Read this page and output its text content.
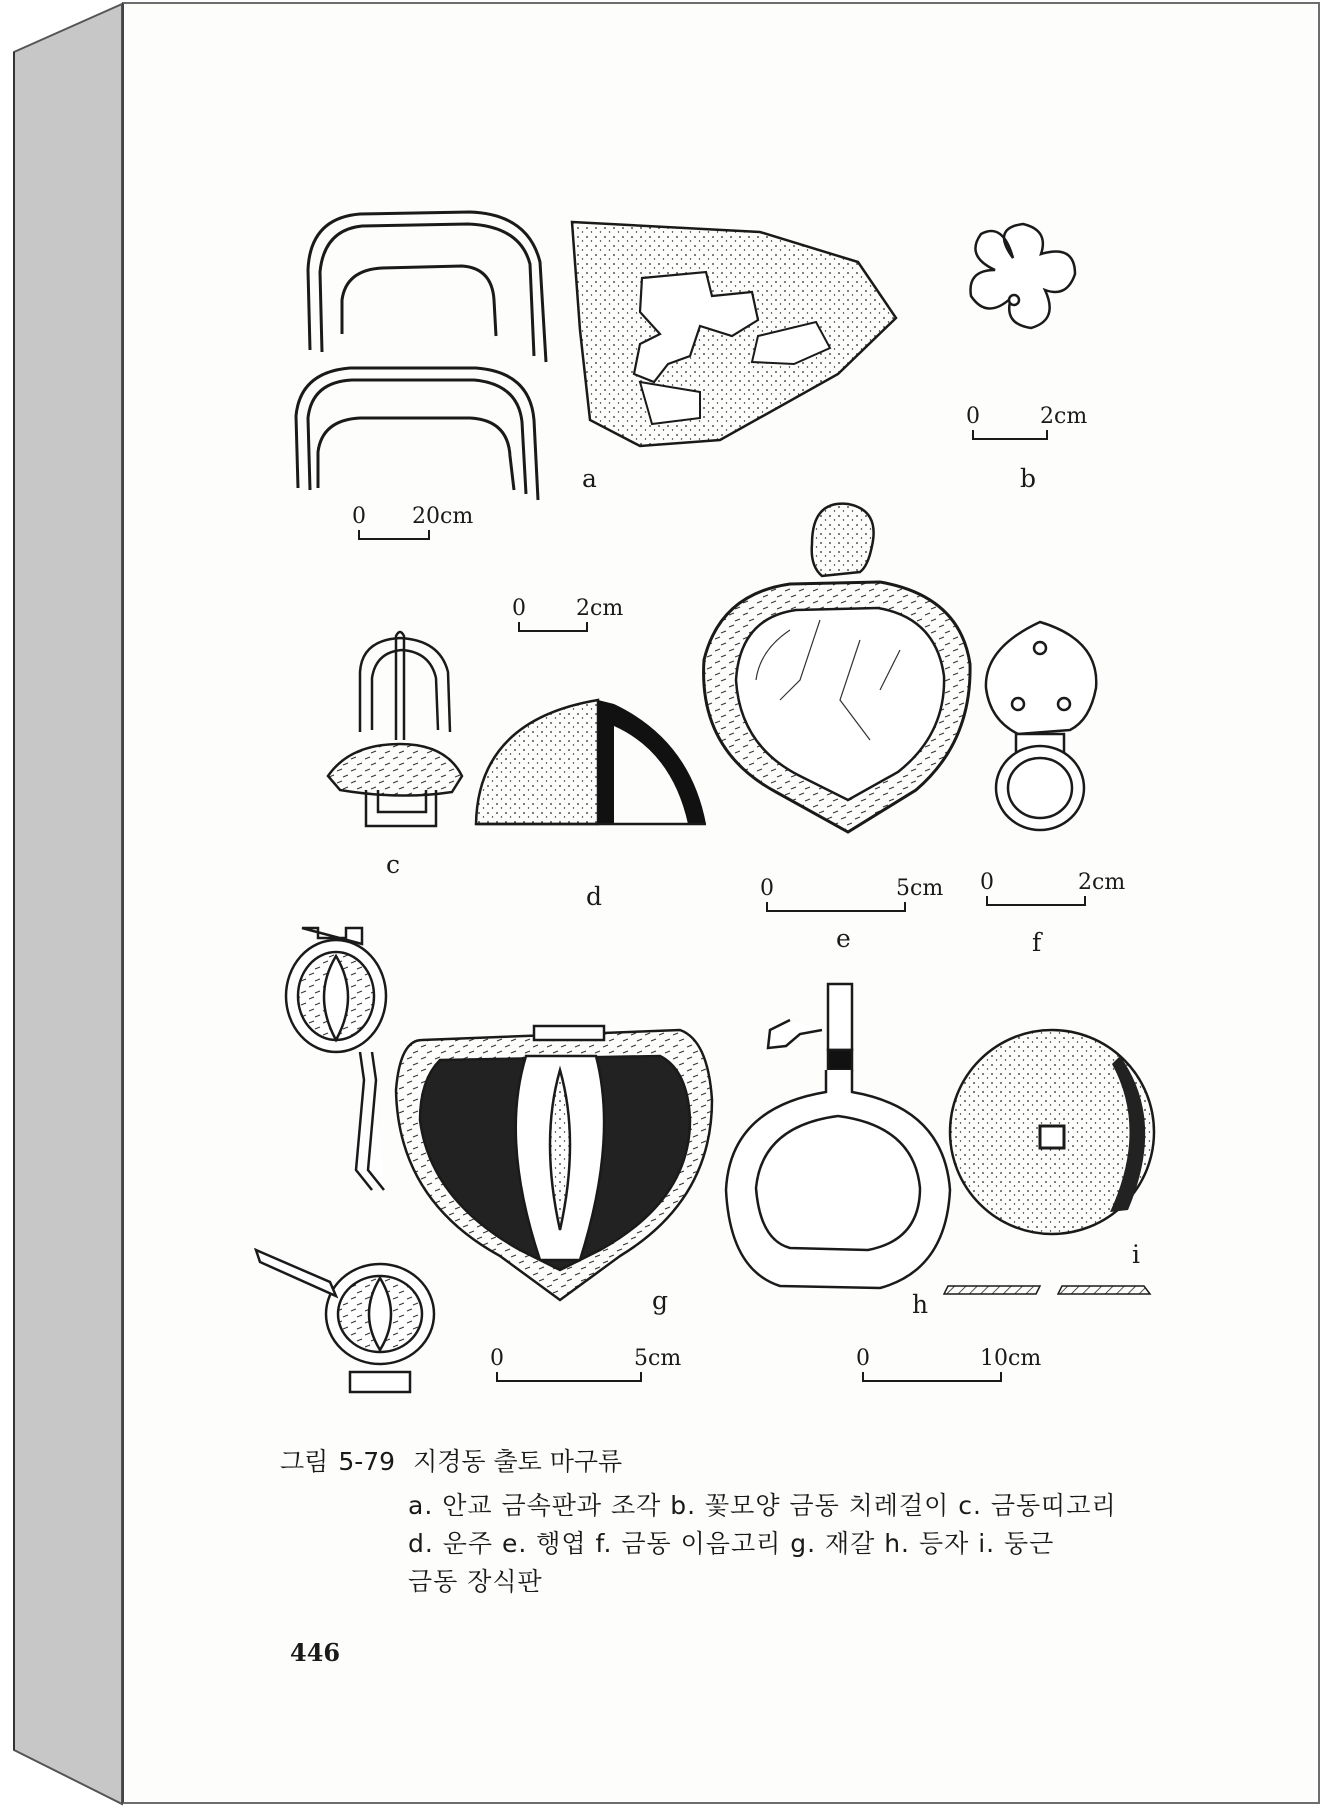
a	b
c
d
e	f
g	h
i
0 20cm
0	2cm
0 2cm
0	5cm 0	2cm
0	5cm	0	10cm
그림 5-79 지경동 출토 마구류
a. 안교 금속판과 조각 b. 꽃모양 금동 치레걸이 c. 금동띠고리
d. 운주 e. 행엽 f. 금동 이음고리 g. 재갈 h. 등자 i. 둥근
금동 장식판
446
